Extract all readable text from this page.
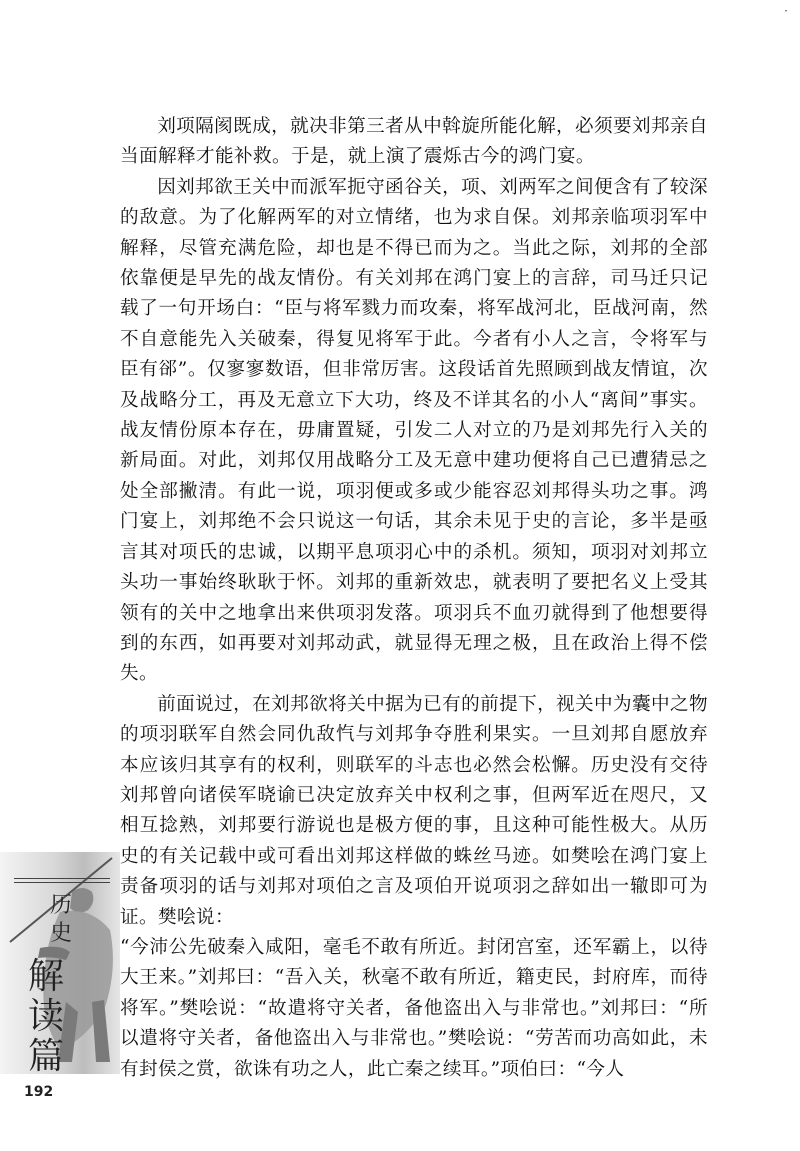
·

刘项隔阂既成，就决非第三者从中斡旋所能化解，必须要刘邦亲自当面解释才能补救。于是，就上演了震烁古今的鸿门宴。

因刘邦欲王关中而派军扼守函谷关，项、刘两军之间便含有了较深的敌意。为了化解两军的对立情绪，也为求自保。刘邦亲临项羽军中解释，尽管充满危险，却也是不得已而为之。当此之际，刘邦的全部依靠便是早先的战友情份。有关刘邦在鸿门宴上的言辞，司马迁只记载了一句开场白：“臣与将军戮力而攻秦，将军战河北，臣战河南，然不自意能先入关破秦，得复见将军于此。今者有小人之言，令将军与臣有郤”。仅寥寥数语，但非常厉害。这段话首先照顾到战友情谊，次及战略分工，再及无意立下大功，终及不详其名的小人“离间”事实。战友情份原本存在，毋庸置疑，引发二人对立的乃是刘邦先行入关的新局面。对此，刘邦仅用战略分工及无意中建功便将自己已遭猜忌之处全部撇清。有此一说，项羽便或多或少能容忍刘邦得头功之事。鸿门宴上，刘邦绝不会只说这一句话，其余未见于史的言论，多半是亟言其对项氏的忠诚，以期平息项羽心中的杀机。须知，项羽对刘邦立头功一事始终耿耿于怀。刘邦的重新效忠，就表明了要把名义上受其领有的关中之地拿出来供项羽发落。项羽兵不血刃就得到了他想要得到的东西，如再要对刘邦动武，就显得无理之极，且在政治上得不偿失。

前面说过，在刘邦欲将关中据为已有的前提下，视关中为囊中之物的项羽联军自然会同仇敌忾与刘邦争夺胜利果实。一旦刘邦自愿放弃本应该归其享有的权利，则联军的斗志也必然会松懈。历史没有交待刘邦曾向诸侯军晓谕已决定放弃关中权利之事，但两军近在咫尺，又相互捻熟，刘邦要行游说也是极方便的事，且这种可能性极大。从历史的有关记载中或可看出刘邦这样做的蛛丝马迹。如樊哙在鸿门宴上责备项羽的话与刘邦对项伯之言及项伯开说项羽之辞如出一辙即可为证。樊哙说：

“今沛公先破秦入咸阳，毫毛不敢有所近。封闭宫室，还军霸上，以待大王来。”刘邦曰：“吾入关，秋毫不敢有所近，籍吏民，封府库，而待将军。”樊哙说：“故遣将守关者，备他盗出入与非常也。”刘邦曰：“所以遣将守关者，备他盗出入与非常也。”樊哙说：“劳苦而功高如此，未有封侯之赏，欲诛有功之人，此亡秦之续耳。”项伯曰：“今人

历
史
解
读
篇
192
